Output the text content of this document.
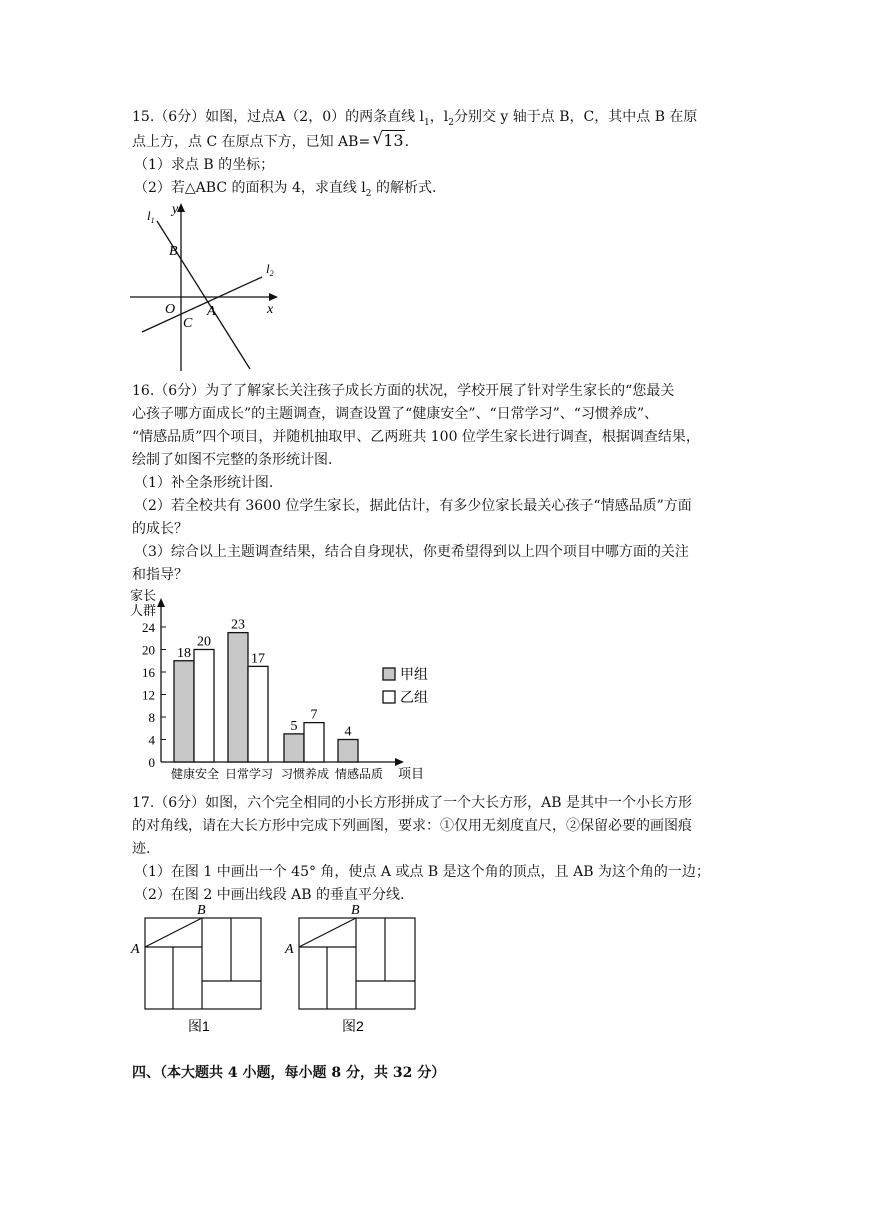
15.（6分）如图，过点A（2，0）的两条直线 $l_1$，$l_2$分别交 y 轴于点 B，C，其中点 B 在原
点上方，点 C 在原点下方，已知 AB= √ 13.
（1）求点 B 的坐标；
（2）若△ABC 的面积为 4，求直线 $l_2$ 的解析式.
y
x
O A
B
C
$l_1$
$l_2$
16.（6分）为了了解家长关注孩子成长方面的状况，学校开展了针对学生家长的“您最关
心孩子哪方面成长”的主题调查，调查设置了“健康安全”、“日常学习”、“习惯养成”、
“情感品质”四个项目，并随机抽取甲、乙两班共 100 位学生家长进行调查，根据调查结果，
绘制了如图不完整的条形统计图.
（1）补全条形统计图.
（2）若全校共有 3600 位学生家长，据此估计，有多少位家长最关心孩子“情感品质”方面
的成长？
（3）综合以上主题调查结果，结合自身现状，你更希望得到以上四个项目中哪方面的关注
和指导？
家长
人群
0
4
8
12
16
20
24
18
20
健康安全
23
17
日常学习
5
7
习惯养成
4
情感品质 项目
甲组
乙组
17.（6分）如图，六个完全相同的小长方形拼成了一个大长方形，AB 是其中一个小长方形
的对角线，请在大长方形中完成下列画图，要求：①仅用无刻度直尺，②保留必要的画图痕
迹.
（1）在图 1 中画出一个 45° 角，使点 A 或点 B 是这个角的顶点，且 AB 为这个角的一边；
（2）在图 2 中画出线段 AB 的垂直平分线.
A
B
图1
A
B
图2
四、（本大题共 4 小题，每小题 8 分，共 32 分）
